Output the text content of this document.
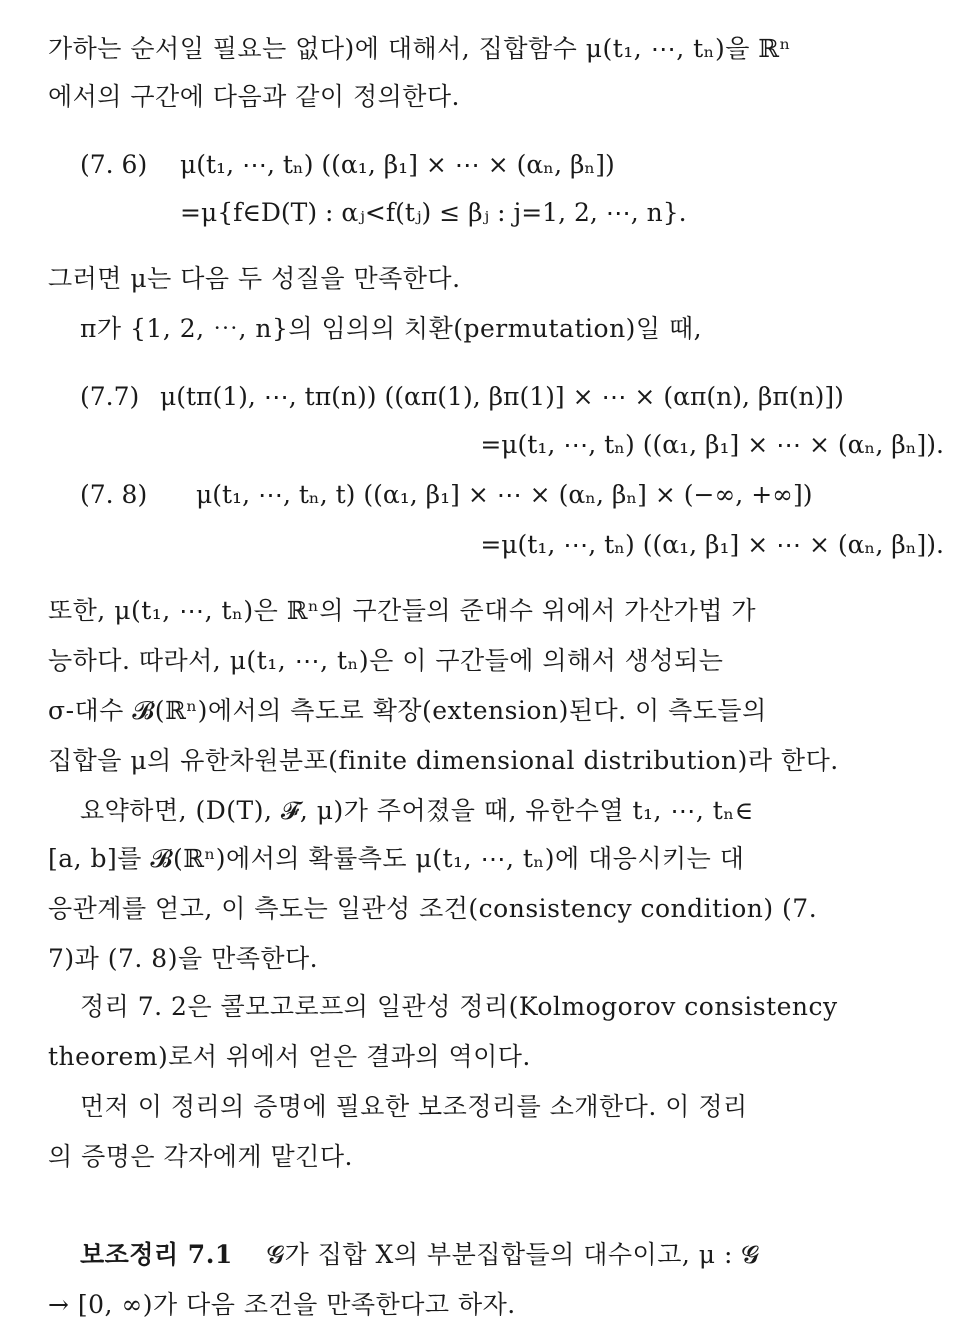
가하는 순서일 필요는 없다)에 대해서, 집합함수 μ(t₁, ⋯, tₙ)을 ℝⁿ
에서의 구간에 다음과 같이 정의한다.
(7. 6) μ(t₁, ⋯, tₙ) ((α₁, β₁] × ⋯ × (αₙ, βₙ])
=μ{f∈D(T) : αⱼ<f(tⱼ) ≤ βⱼ : j=1, 2, ⋯, n}.
그러면 μ는 다음 두 성질을 만족한다.
π가 {1, 2, ⋯, n}의 임의의 치환(permutation)일 때,
(7.7) μ(tπ(1), ⋯, tπ(n)) ((απ(1), βπ(1)] × ⋯ × (απ(n), βπ(n)])
=μ(t₁, ⋯, tₙ) ((α₁, β₁] × ⋯ × (αₙ, βₙ]).
(7. 8) μ(t₁, ⋯, tₙ, t) ((α₁, β₁] × ⋯ × (αₙ, βₙ] × (−∞, +∞])
=μ(t₁, ⋯, tₙ) ((α₁, β₁] × ⋯ × (αₙ, βₙ]).
또한, μ(t₁, ⋯, tₙ)은 ℝⁿ의 구간들의 준대수 위에서 가산가법 가
능하다. 따라서, μ(t₁, ⋯, tₙ)은 이 구간들에 의해서 생성되는
σ-대수 𝓑(ℝⁿ)에서의 측도로 확장(extension)된다. 이 측도들의
집합을 μ의 유한차원분포(finite dimensional distribution)라 한다.
요약하면, (D(T), 𝓕, μ)가 주어졌을 때, 유한수열 t₁, ⋯, tₙ∈
[a, b]를 𝓑(ℝⁿ)에서의 확률측도 μ(t₁, ⋯, tₙ)에 대응시키는 대
응관계를 얻고, 이 측도는 일관성 조건(consistency condition) (7.
7)과 (7. 8)을 만족한다.
정리 7. 2은 콜모고로프의 일관성 정리(Kolmogorov consistency
theorem)로서 위에서 얻은 결과의 역이다.
먼저 이 정리의 증명에 필요한 보조정리를 소개한다. 이 정리
의 증명은 각자에게 맡긴다.
보조정리 7.1 𝓖가 집합 X의 부분집합들의 대수이고, μ : 𝓖
→ [0, ∞)가 다음 조건을 만족한다고 하자.
